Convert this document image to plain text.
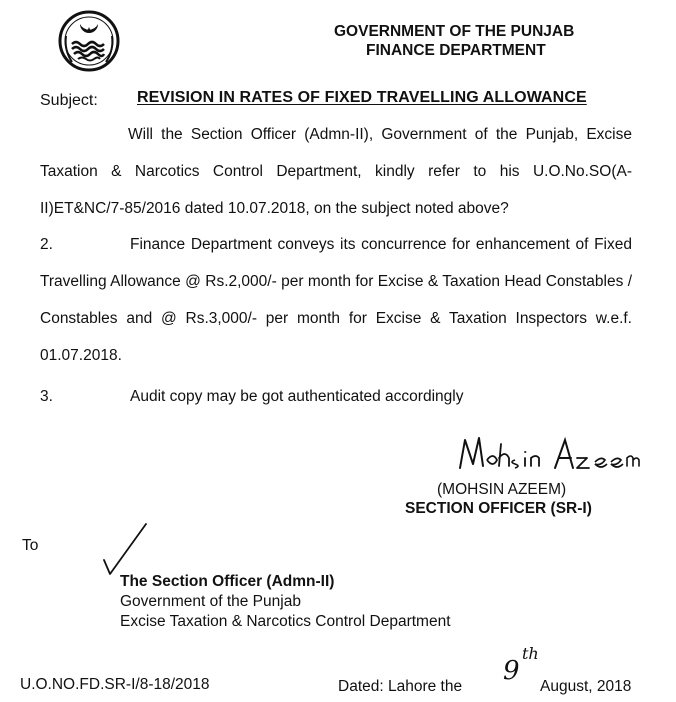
GOVERNMENT OF THE PUNJAB
FINANCE DEPARTMENT
Subject: REVISION IN RATES OF FIXED TRAVELLING ALLOWANCE
Will the Section Officer (Admn-II), Government of the Punjab, Excise Taxation & Narcotics Control Department, kindly refer to his U.O.No.SO(A-II)ET&NC/7-85/2016 dated 10.07.2018, on the subject noted above?
2.	Finance Department conveys its concurrence for enhancement of Fixed Travelling Allowance @ Rs.2,000/- per month for Excise & Taxation Head Constables / Constables and @ Rs.3,000/- per month for Excise & Taxation Inspectors w.e.f. 01.07.2018.
3.	Audit copy may be got authenticated accordingly
(MOHSIN AZEEM)
SECTION OFFICER (SR-I)
To
The Section Officer (Admn-II)
Government of the Punjab
Excise Taxation & Narcotics Control Department
U.O.NO.FD.SR-I/8-18/2018	Dated: Lahore the
9
th
August, 2018
